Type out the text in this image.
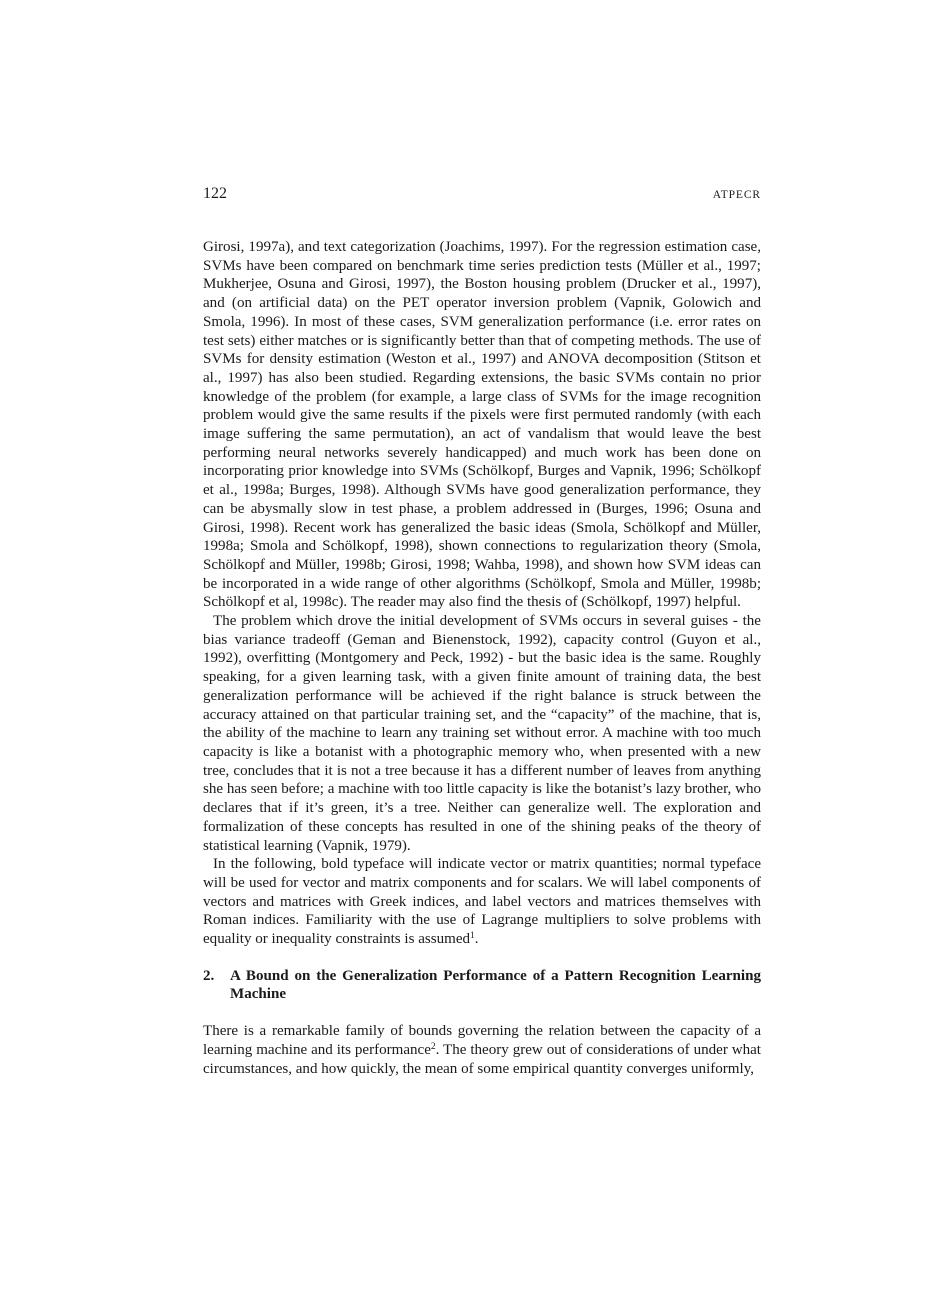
122	ATPECR

Girosi, 1997a), and text categorization (Joachims, 1997). For the regression estimation case, SVMs have been compared on benchmark time series prediction tests (Müller et al., 1997; Mukherjee, Osuna and Girosi, 1997), the Boston housing problem (Drucker et al., 1997), and (on artificial data) on the PET operator inversion problem (Vapnik, Golowich and Smola, 1996). In most of these cases, SVM generalization performance (i.e. error rates on test sets) either matches or is significantly better than that of competing methods. The use of SVMs for density estimation (Weston et al., 1997) and ANOVA decomposition (Stitson et al., 1997) has also been studied. Regarding extensions, the basic SVMs contain no prior knowledge of the problem (for example, a large class of SVMs for the image recognition problem would give the same results if the pixels were first permuted randomly (with each image suffering the same permutation), an act of vandalism that would leave the best performing neural networks severely handicapped) and much work has been done on incorporating prior knowledge into SVMs (Schölkopf, Burges and Vapnik, 1996; Schölkopf et al., 1998a; Burges, 1998). Although SVMs have good generalization performance, they can be abysmally slow in test phase, a problem addressed in (Burges, 1996; Osuna and Girosi, 1998). Recent work has generalized the basic ideas (Smola, Schölkopf and Müller, 1998a; Smola and Schölkopf, 1998), shown connections to regularization theory (Smola, Schölkopf and Müller, 1998b; Girosi, 1998; Wahba, 1998), and shown how SVM ideas can be incorporated in a wide range of other algorithms (Schölkopf, Smola and Müller, 1998b; Schölkopf et al, 1998c). The reader may also find the thesis of (Schölkopf, 1997) helpful.

The problem which drove the initial development of SVMs occurs in several guises - the bias variance tradeoff (Geman and Bienenstock, 1992), capacity control (Guyon et al., 1992), overfitting (Montgomery and Peck, 1992) - but the basic idea is the same. Roughly speaking, for a given learning task, with a given finite amount of training data, the best generalization performance will be achieved if the right balance is struck between the accuracy attained on that particular training set, and the “capacity” of the machine, that is, the ability of the machine to learn any training set without error. A machine with too much capacity is like a botanist with a photographic memory who, when presented with a new tree, concludes that it is not a tree because it has a different number of leaves from anything she has seen before; a machine with too little capacity is like the botanist’s lazy brother, who declares that if it’s green, it’s a tree. Neither can generalize well. The exploration and formalization of these concepts has resulted in one of the shining peaks of the theory of statistical learning (Vapnik, 1979).

In the following, bold typeface will indicate vector or matrix quantities; normal typeface will be used for vector and matrix components and for scalars. We will label components of vectors and matrices with Greek indices, and label vectors and matrices themselves with Roman indices. Familiarity with the use of Lagrange multipliers to solve problems with equality or inequality constraints is assumed$^1$.

2.	A Bound on the Generalization Performance of a Pattern Recognition Learning Machine

There is a remarkable family of bounds governing the relation between the capacity of a learning machine and its performance$^2$. The theory grew out of considerations of under what circumstances, and how quickly, the mean of some empirical quantity converges uniformly,
